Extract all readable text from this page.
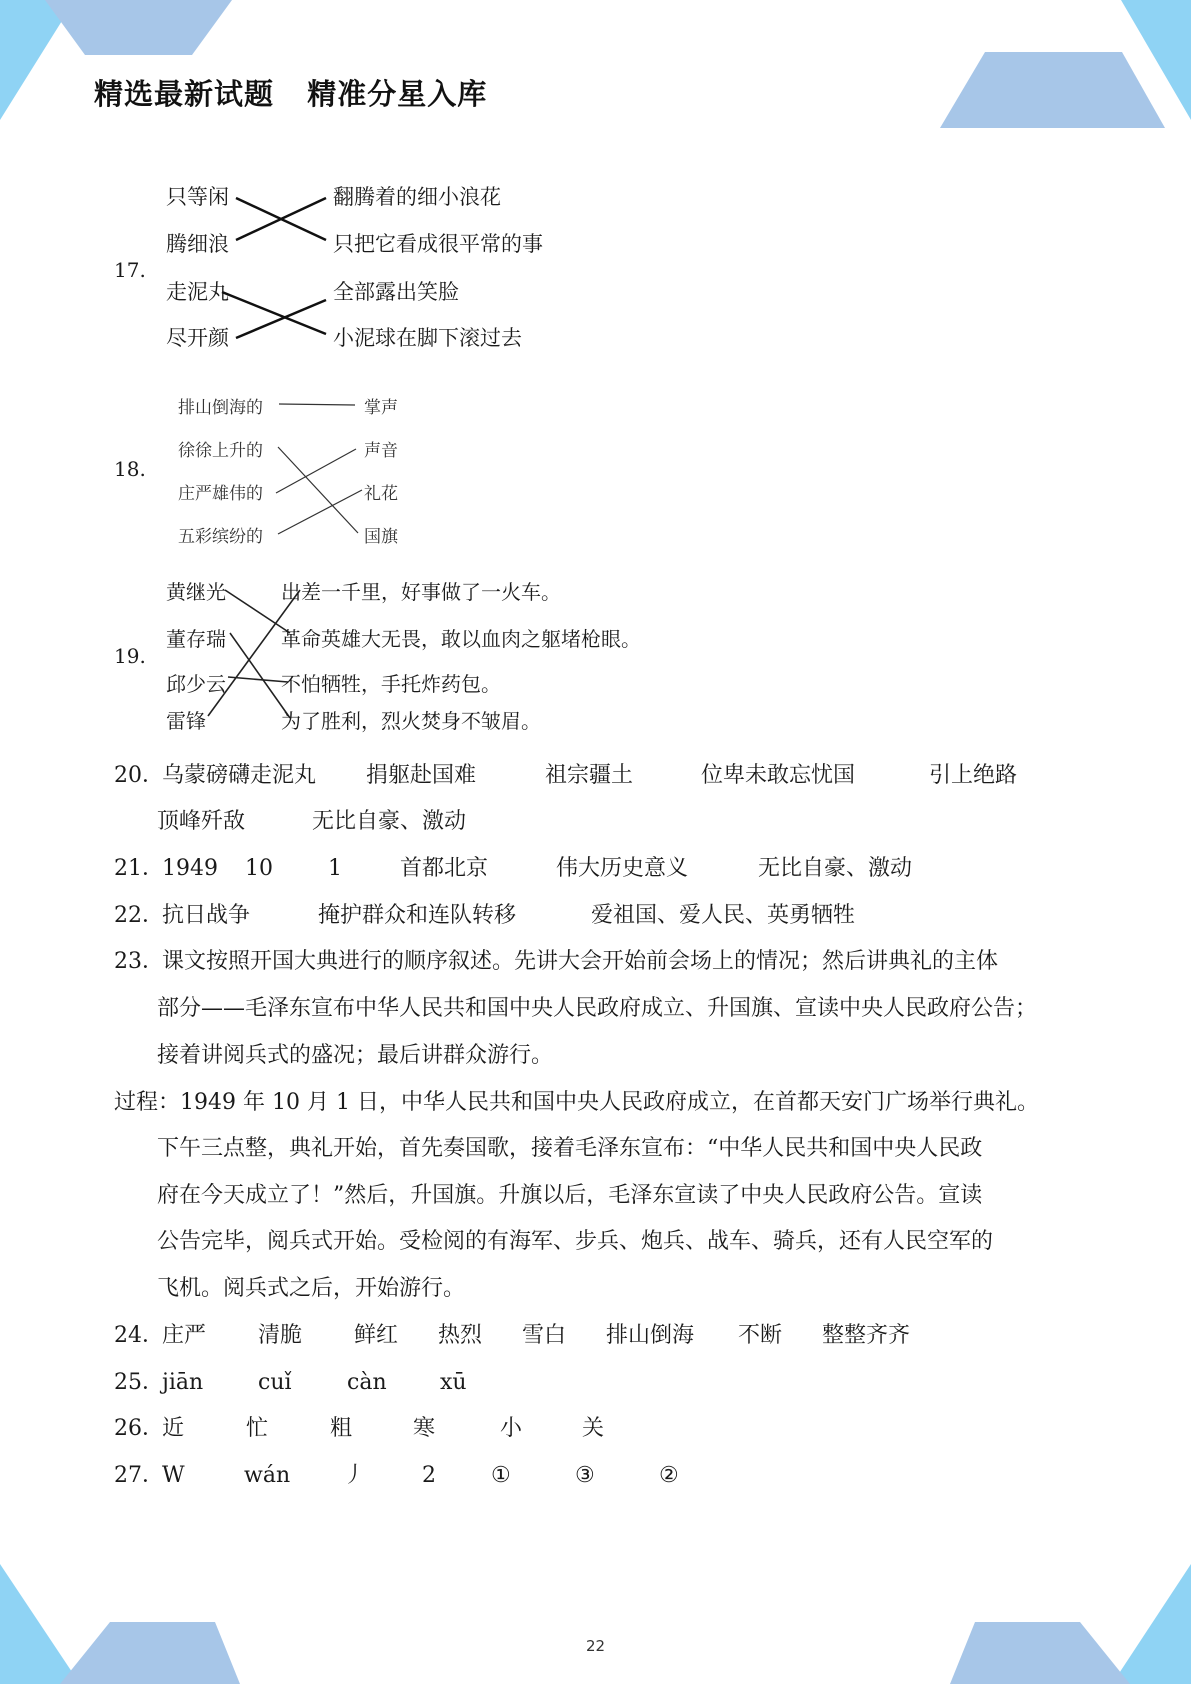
精选最新试题   精准分星入库
17.
只等闲
腾细浪
走泥丸
尽开颜
翻腾着的细小浪花
只把它看成很平常的事
全部露出笑脸
小泥球在脚下滚过去
18.
排山倒海的
徐徐上升的
庄严雄伟的
五彩缤纷的
掌声
声音
礼花
国旗
19.
黄继光
董存瑞
邱少云
雷锋
出差一千里，好事做了一火车。
革命英雄大无畏，敢以血肉之躯堵枪眼。
不怕牺牲，手托炸药包。
为了胜利，烈火焚身不皱眉。
20．乌蒙磅礴走泥丸 捐躯赴国难	祖宗疆土	位卑未敢忘忧国	引上绝路
顶峰歼敌	无比自豪、激动
21．1949 10	1	首都北京	伟大历史意义	无比自豪、激动
22．抗日战争	掩护群众和连队转移	爱祖国、爱人民、英勇牺牲
23．课文按照开国大典进行的顺序叙述。先讲大会开始前会场上的情况；然后讲典礼的主体
部分——毛泽东宣布中华人民共和国中央人民政府成立、升国旗、宣读中央人民政府公告；
接着讲阅兵式的盛况；最后讲群众游行。
过程：1949 年 10 月 1 日，中华人民共和国中央人民政府成立，在首都天安门广场举行典礼。
下午三点整，典礼开始，首先奏国歌，接着毛泽东宣布：“中华人民共和国中央人民政
府在今天成立了！”然后，升国旗。升旗以后，毛泽东宣读了中央人民政府公告。宣读
公告完毕，阅兵式开始。受检阅的有海军、步兵、炮兵、战车、骑兵，还有人民空军的
飞机。阅兵式之后，开始游行。
24．庄严 清脆 鲜红 热烈 雪白 排山倒海 不断 整整齐齐
25．jiān cuǐ	càn xū
26．近	忙	粗	寒	小	关
27．W	wán 丿	2	①	③	②
22
